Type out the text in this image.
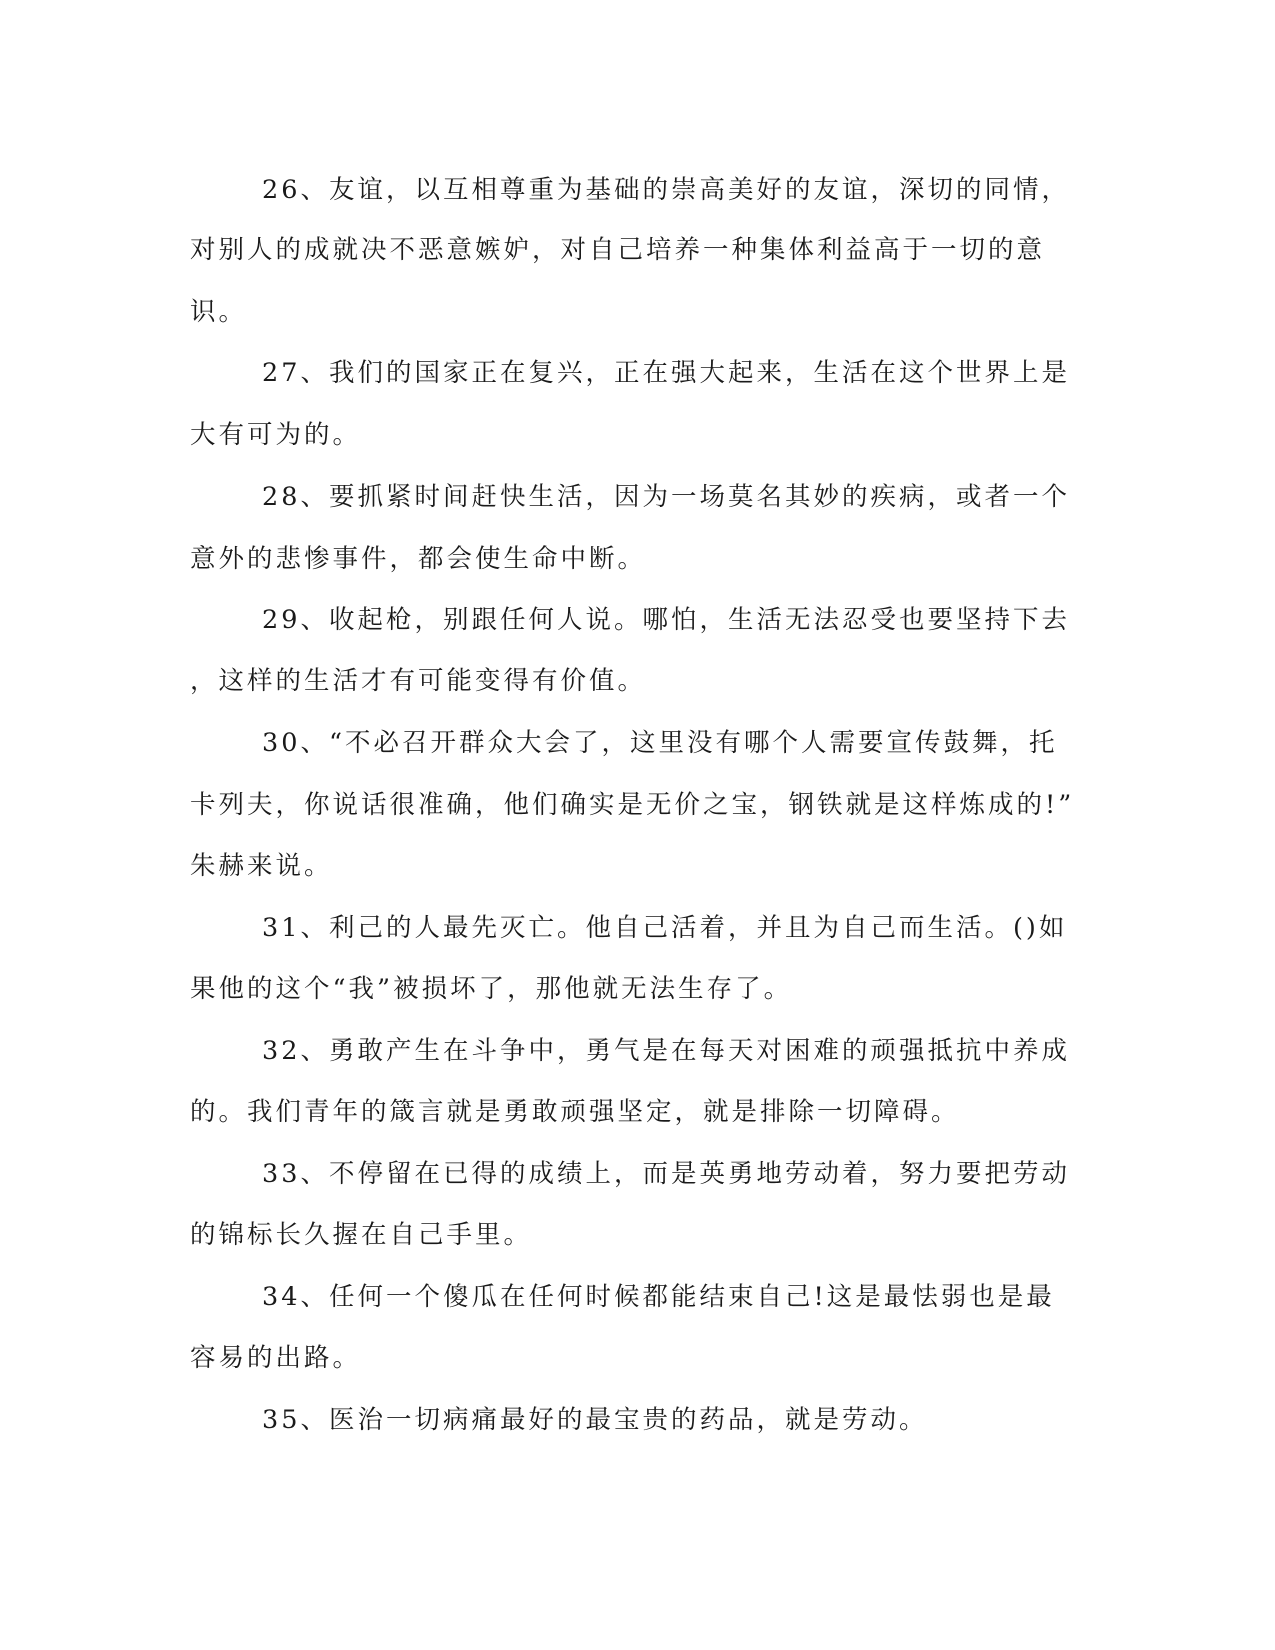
26、友谊，以互相尊重为基础的崇高美好的友谊，深切的同情，
对别人的成就决不恶意嫉妒，对自己培养一种集体利益高于一切的意
识。
27、我们的国家正在复兴，正在强大起来，生活在这个世界上是
大有可为的。
28、要抓紧时间赶快生活，因为一场莫名其妙的疾病，或者一个
意外的悲惨事件，都会使生命中断。
29、收起枪，别跟任何人说。哪怕，生活无法忍受也要坚持下去
，这样的生活才有可能变得有价值。
30、“不必召开群众大会了，这里没有哪个人需要宣传鼓舞，托
卡列夫，你说话很准确，他们确实是无价之宝，钢铁就是这样炼成的!”
朱赫来说。
31、利己的人最先灭亡。他自己活着，并且为自己而生活。()如
果他的这个“我”被损坏了，那他就无法生存了。
32、勇敢产生在斗争中，勇气是在每天对困难的顽强抵抗中养成
的。我们青年的箴言就是勇敢顽强坚定，就是排除一切障碍。
33、不停留在已得的成绩上，而是英勇地劳动着，努力要把劳动
的锦标长久握在自己手里。
34、任何一个傻瓜在任何时候都能结束自己!这是最怯弱也是最
容易的出路。
35、医治一切病痛最好的最宝贵的药品，就是劳动。
